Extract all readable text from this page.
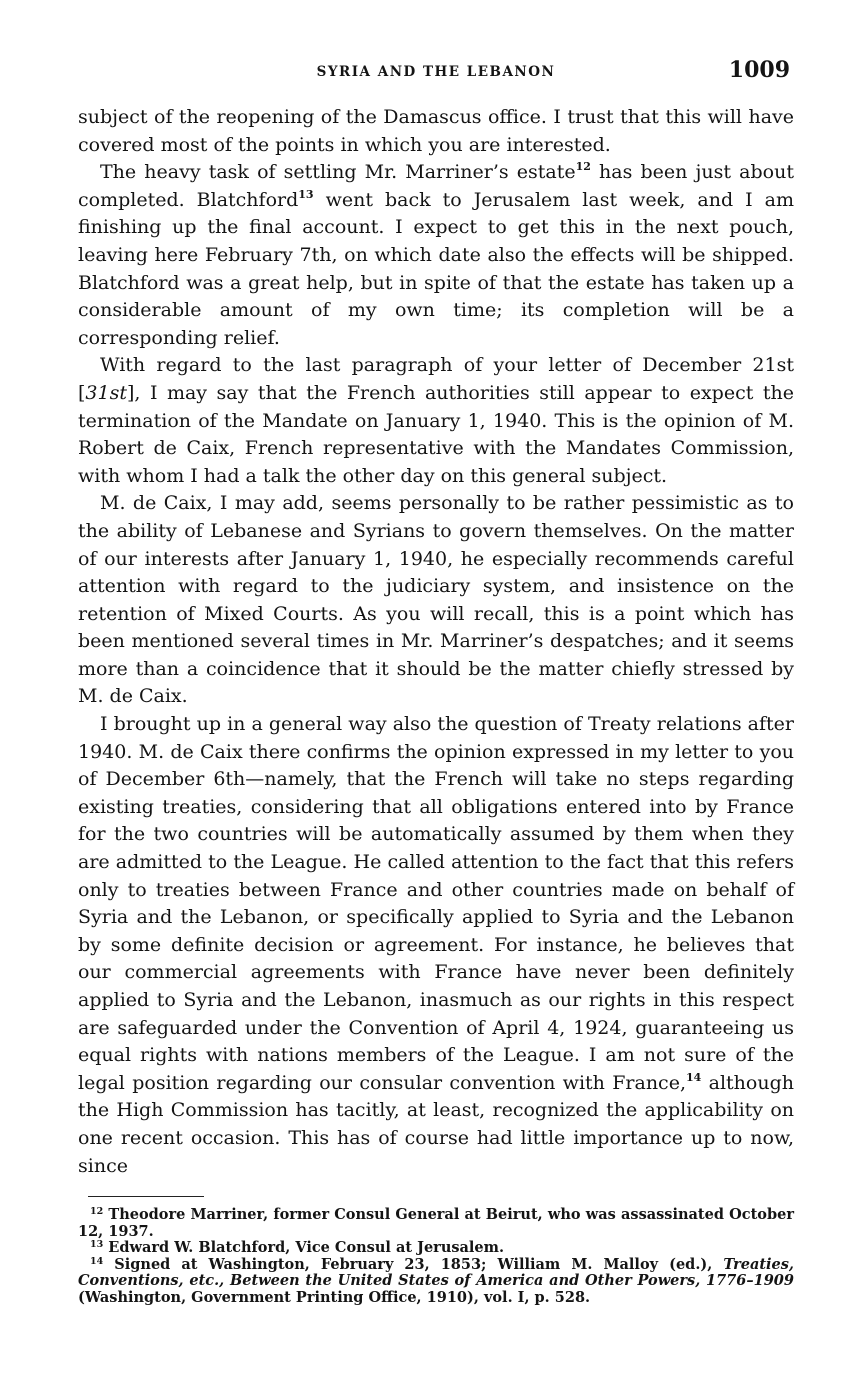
SYRIA AND THE LEBANON	1009

subject of the reopening of the Damascus office. I trust that this will have covered most of the points in which you are interested.

The heavy task of settling Mr. Marriner’s estate$^{12}$ has been just about completed. Blatchford$^{13}$ went back to Jerusalem last week, and I am finishing up the final account. I expect to get this in the next pouch, leaving here February 7th, on which date also the effects will be shipped. Blatchford was a great help, but in spite of that the estate has taken up a considerable amount of my own time; its completion will be a corresponding relief.

With regard to the last paragraph of your letter of December 21st [31st], I may say that the French authorities still appear to expect the termination of the Mandate on January 1, 1940. This is the opinion of M. Robert de Caix, French representative with the Mandates Commission, with whom I had a talk the other day on this general subject.

M. de Caix, I may add, seems personally to be rather pessimistic as to the ability of Lebanese and Syrians to govern themselves. On the matter of our interests after January 1, 1940, he especially recommends careful attention with regard to the judiciary system, and insistence on the retention of Mixed Courts. As you will recall, this is a point which has been mentioned several times in Mr. Marriner’s despatches; and it seems more than a coincidence that it should be the matter chiefly stressed by M. de Caix.

I brought up in a general way also the question of Treaty relations after 1940. M. de Caix there confirms the opinion expressed in my letter to you of December 6th—namely, that the French will take no steps regarding existing treaties, considering that all obligations entered into by France for the two countries will be automatically assumed by them when they are admitted to the League. He called attention to the fact that this refers only to treaties between France and other countries made on behalf of Syria and the Lebanon, or specifically applied to Syria and the Lebanon by some definite decision or agreement. For instance, he believes that our commercial agreements with France have never been definitely applied to Syria and the Lebanon, inasmuch as our rights in this respect are safeguarded under the Convention of April 4, 1924, guaranteeing us equal rights with nations members of the League. I am not sure of the legal position regarding our consular convention with France,$^{14}$ although the High Commission has tacitly, at least, recognized the applicability on one recent occasion. This has of course had little importance up to now, since

$^{12}$ Theodore Marriner, former Consul General at Beirut, who was assassinated October 12, 1937.

$^{13}$ Edward W. Blatchford, Vice Consul at Jerusalem.

$^{14}$ Signed at Washington, February 23, 1853; William M. Malloy (ed.), Treaties, Conventions, etc., Between the United States of America and Other Powers, 1776–1909 (Washington, Government Printing Office, 1910), vol. I, p. 528.
